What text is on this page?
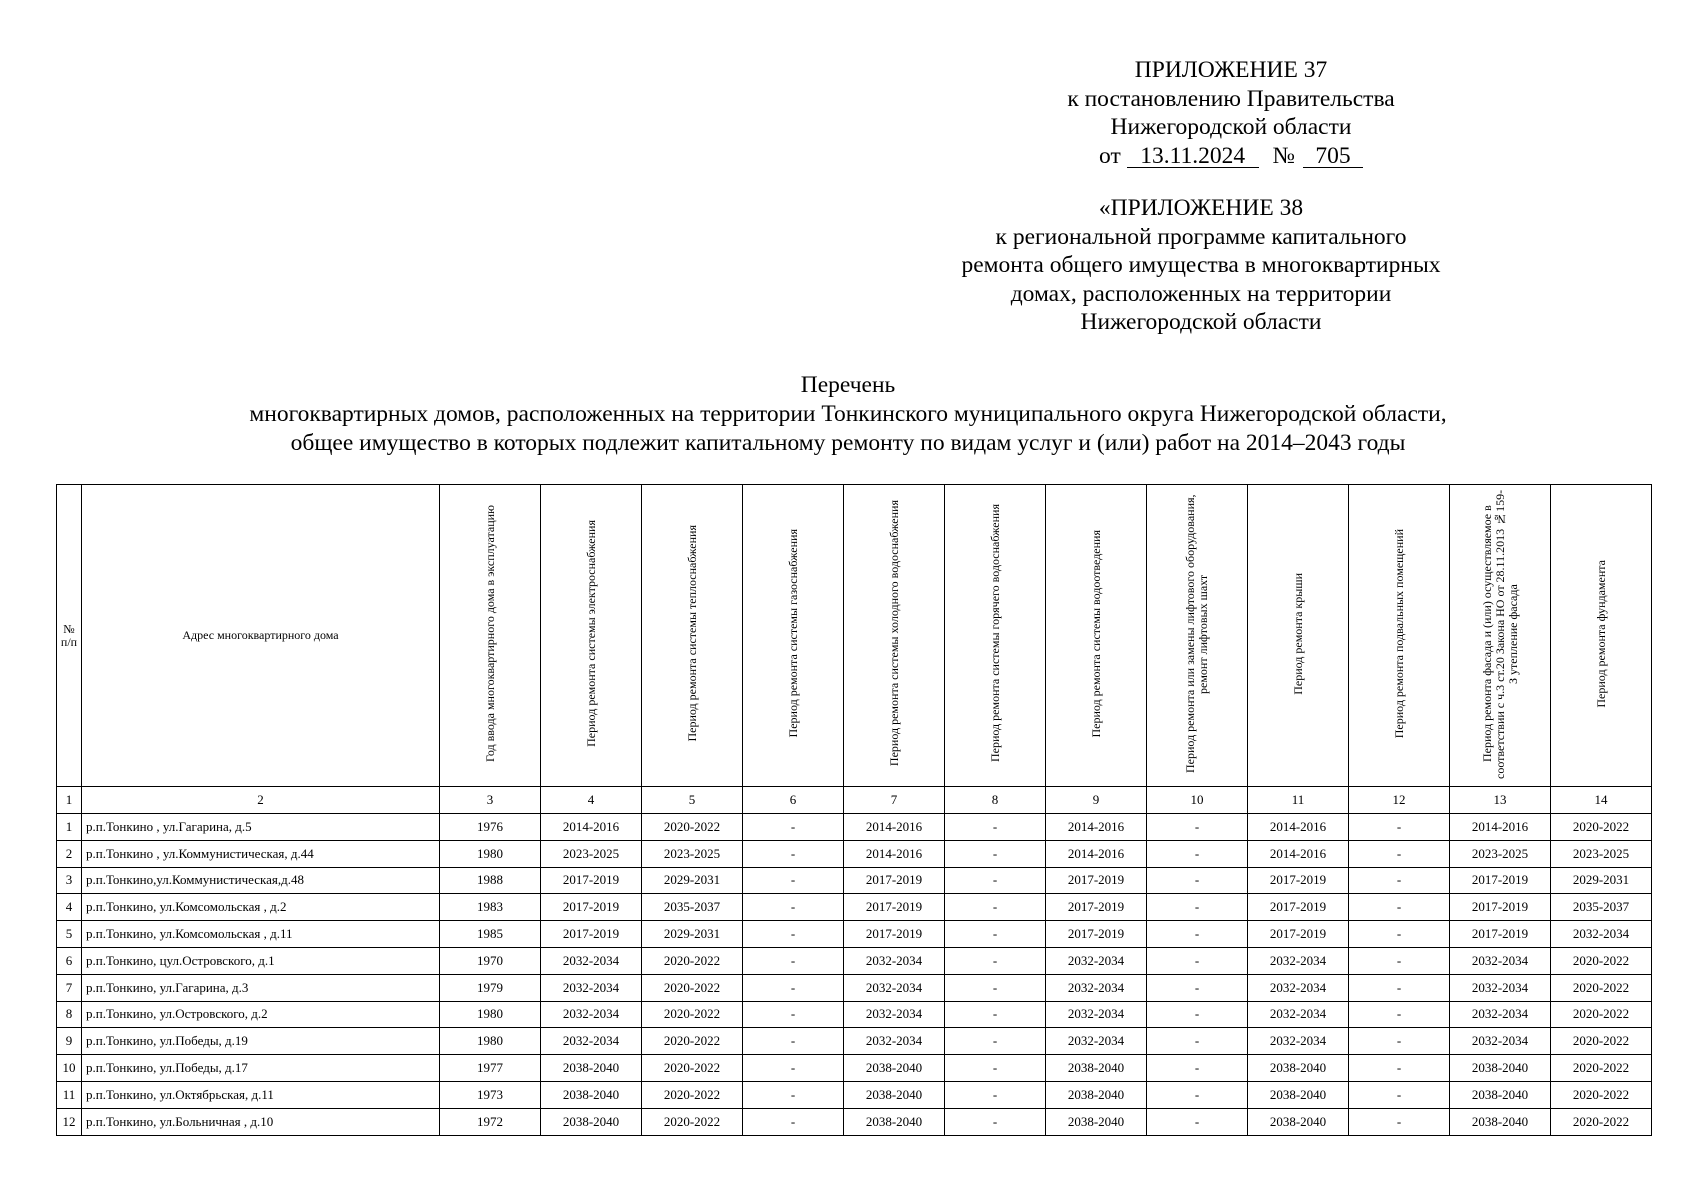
ПРИЛОЖЕНИЕ 37
к постановлению Правительства
Нижегородской области
от 13.11.2024 № 705
«ПРИЛОЖЕНИЕ 38
к региональной программе капитального
ремонта общего имущества в многоквартирных
домах, расположенных на территории
Нижегородской области
Перечень
многоквартирных домов, расположенных на территории Тонкинского муниципального округа Нижегородской области,
общее имущество в которых подлежит капитальному ремонту по видам услуг и (или) работ на 2014–2043 годы
№ п/п	Адрес многоквартирного дома	Год ввода многоквартирного дома в эксплуатацию	Период ремонта системы электроснабжения	Период ремонта системы теплоснабжения	Период ремонта системы газоснабжения	Период ремонта системы холодного водоснабжения	Период ремонта системы горячего водоснабжения	Период ремонта системы водоотведения	Период ремонта или замены лифтового оборудования, ремонт лифтовых шахт	Период ремонта крыши	Период ремонта подвальных помещений	Период ремонта фасада и (или) осуществляемое в соответствии с ч.3 ст.20 Закона НО от 28.11.2013 №159-З утепление фасада	Период ремонта фундамента
1	2	3	4	5	6	7	8	9	10	11	12	13	14
1	р.п.Тонкино , ул.Гагарина, д.5	1976	2014-2016	2020-2022	-	2014-2016	-	2014-2016	-	2014-2016	-	2014-2016	2020-2022
2	р.п.Тонкино , ул.Коммунистическая, д.44	1980	2023-2025	2023-2025	-	2014-2016	-	2014-2016	-	2014-2016	-	2023-2025	2023-2025
3	р.п.Тонкино,ул.Коммунистическая,д.48	1988	2017-2019	2029-2031	-	2017-2019	-	2017-2019	-	2017-2019	-	2017-2019	2029-2031
4	р.п.Тонкино, ул.Комсомольская , д.2	1983	2017-2019	2035-2037	-	2017-2019	-	2017-2019	-	2017-2019	-	2017-2019	2035-2037
5	р.п.Тонкино, ул.Комсомольская , д.11	1985	2017-2019	2029-2031	-	2017-2019	-	2017-2019	-	2017-2019	-	2017-2019	2032-2034
6	р.п.Тонкино, цул.Островского, д.1	1970	2032-2034	2020-2022	-	2032-2034	-	2032-2034	-	2032-2034	-	2032-2034	2020-2022
7	р.п.Тонкино, ул.Гагарина, д.3	1979	2032-2034	2020-2022	-	2032-2034	-	2032-2034	-	2032-2034	-	2032-2034	2020-2022
8	р.п.Тонкино, ул.Островского, д.2	1980	2032-2034	2020-2022	-	2032-2034	-	2032-2034	-	2032-2034	-	2032-2034	2020-2022
9	р.п.Тонкино, ул.Победы, д.19	1980	2032-2034	2020-2022	-	2032-2034	-	2032-2034	-	2032-2034	-	2032-2034	2020-2022
10	р.п.Тонкино, ул.Победы, д.17	1977	2038-2040	2020-2022	-	2038-2040	-	2038-2040	-	2038-2040	-	2038-2040	2020-2022
11	р.п.Тонкино, ул.Октябрьская, д.11	1973	2038-2040	2020-2022	-	2038-2040	-	2038-2040	-	2038-2040	-	2038-2040	2020-2022
12	р.п.Тонкино, ул.Больничная , д.10	1972	2038-2040	2020-2022	-	2038-2040	-	2038-2040	-	2038-2040	-	2038-2040	2020-2022
